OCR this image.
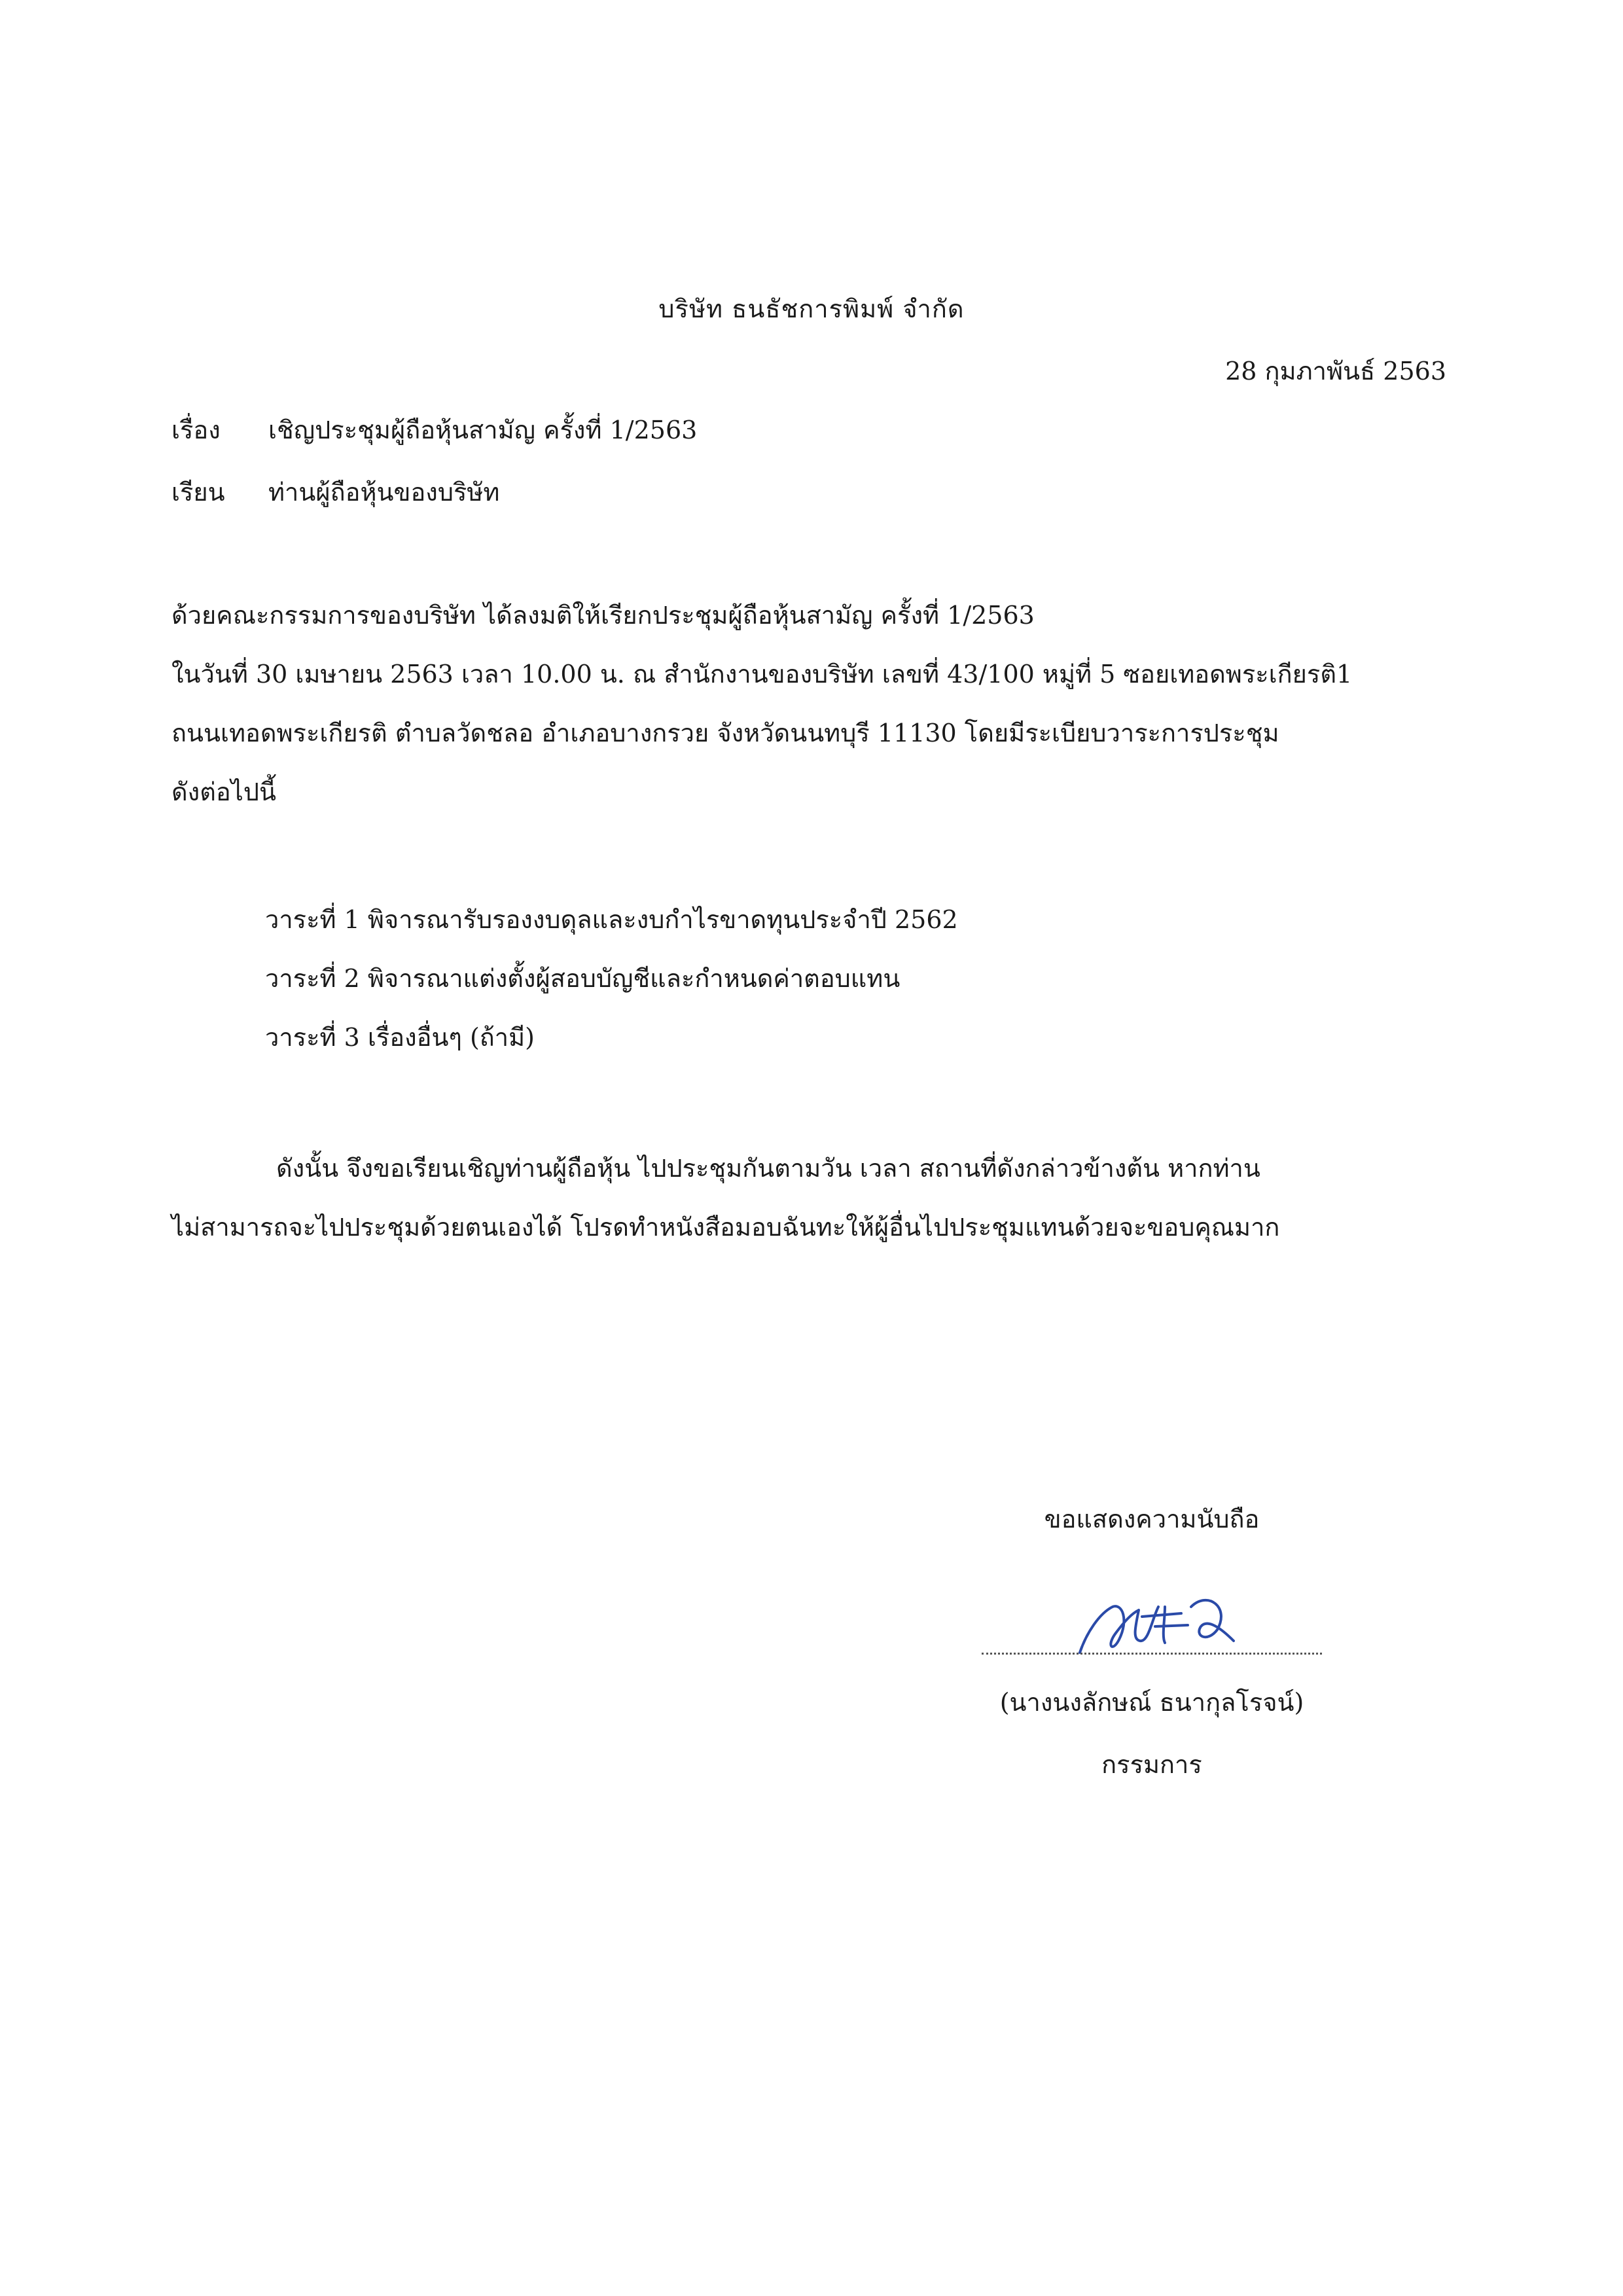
บริษัท ธนธัชการพิมพ์ จำกัด
28 กุมภาพันธ์ 2563
เรื่อง เชิญประชุมผู้ถือหุ้นสามัญ ครั้งที่ 1/2563
เรียน ท่านผู้ถือหุ้นของบริษัท

ด้วยคณะกรรมการของบริษัท ได้ลงมติให้เรียกประชุมผู้ถือหุ้นสามัญ ครั้งที่ 1/2563

ในวันที่ 30 เมษายน 2563 เวลา 10.00 น. ณ สำนักงานของบริษัท เลขที่ 43/100 หมู่ที่ 5 ซอยเทอดพระเกียรติ1

ถนนเทอดพระเกียรติ ตำบลวัดชลอ อำเภอบางกรวย จังหวัดนนทบุรี 11130 โดยมีระเบียบวาระการประชุม

ดังต่อไปนี้

วาระที่ 1 พิจารณารับรองงบดุลและงบกำไรขาดทุนประจำปี 2562
วาระที่ 2 พิจารณาแต่งตั้งผู้สอบบัญชีและกำหนดค่าตอบแทน
วาระที่ 3 เรื่องอื่นๆ (ถ้ามี)

ดังนั้น จึงขอเรียนเชิญท่านผู้ถือหุ้น ไปประชุมกันตามวัน เวลา สถานที่ดังกล่าวข้างต้น หากท่าน

ไม่สามารถจะไปประชุมด้วยตนเองได้ โปรดทำหนังสือมอบฉันทะให้ผู้อื่นไปประชุมแทนด้วยจะขอบคุณมาก

ขอแสดงความนับถือ
(นางนงลักษณ์ ธนากุลโรจน์)
กรรมการ
